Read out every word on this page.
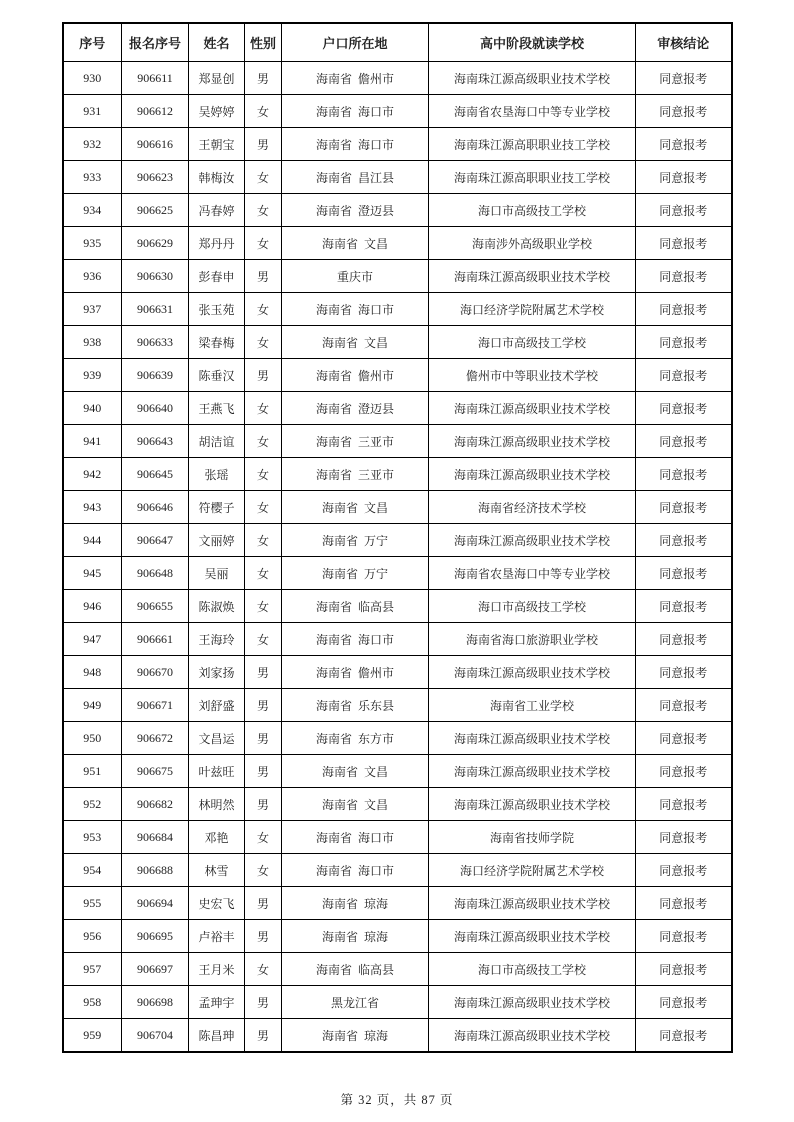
序号	报名序号	姓名	性别	户口所在地	高中阶段就读学校	审核结论
930	906611	郑显创	男	海南省  儋州市	海南珠江源高级职业技术学校	同意报考
931	906612	吴婷婷	女	海南省  海口市	海南省农垦海口中等专业学校	同意报考
932	906616	王朝宝	男	海南省  海口市	海南珠江源高职职业技工学校	同意报考
933	906623	韩梅汝	女	海南省  昌江县	海南珠江源高职职业技工学校	同意报考
934	906625	冯春婷	女	海南省  澄迈县	海口市高级技工学校	同意报考
935	906629	郑丹丹	女	海南省  文昌	海南涉外高级职业学校	同意报考
936	906630	彭春申	男	重庆市	海南珠江源高级职业技术学校	同意报考
937	906631	张玉苑	女	海南省  海口市	海口经济学院附属艺术学校	同意报考
938	906633	梁春梅	女	海南省  文昌	海口市高级技工学校	同意报考
939	906639	陈垂汉	男	海南省  儋州市	儋州市中等职业技术学校	同意报考
940	906640	王燕飞	女	海南省  澄迈县	海南珠江源高级职业技术学校	同意报考
941	906643	胡洁谊	女	海南省  三亚市	海南珠江源高级职业技术学校	同意报考
942	906645	张瑶	女	海南省  三亚市	海南珠江源高级职业技术学校	同意报考
943	906646	符樱子	女	海南省  文昌	海南省经济技术学校	同意报考
944	906647	文丽婷	女	海南省  万宁	海南珠江源高级职业技术学校	同意报考
945	906648	吴丽	女	海南省  万宁	海南省农垦海口中等专业学校	同意报考
946	906655	陈淑焕	女	海南省  临高县	海口市高级技工学校	同意报考
947	906661	王海玲	女	海南省  海口市	海南省海口旅游职业学校	同意报考
948	906670	刘家扬	男	海南省  儋州市	海南珠江源高级职业技术学校	同意报考
949	906671	刘舒盛	男	海南省  乐东县	海南省工业学校	同意报考
950	906672	文昌运	男	海南省  东方市	海南珠江源高级职业技术学校	同意报考
951	906675	叶兹旺	男	海南省  文昌	海南珠江源高级职业技术学校	同意报考
952	906682	林明然	男	海南省  文昌	海南珠江源高级职业技术学校	同意报考
953	906684	邓艳	女	海南省  海口市	海南省技师学院	同意报考
954	906688	林雪	女	海南省  海口市	海口经济学院附属艺术学校	同意报考
955	906694	史宏飞	男	海南省  琼海	海南珠江源高级职业技术学校	同意报考
956	906695	卢裕丰	男	海南省  琼海	海南珠江源高级职业技术学校	同意报考
957	906697	王月米	女	海南省  临高县	海口市高级技工学校	同意报考
958	906698	孟珅宇	男	黑龙江省	海南珠江源高级职业技术学校	同意报考
959	906704	陈昌珅	男	海南省  琼海	海南珠江源高级职业技术学校	同意报考
第 32 页，共 87 页
